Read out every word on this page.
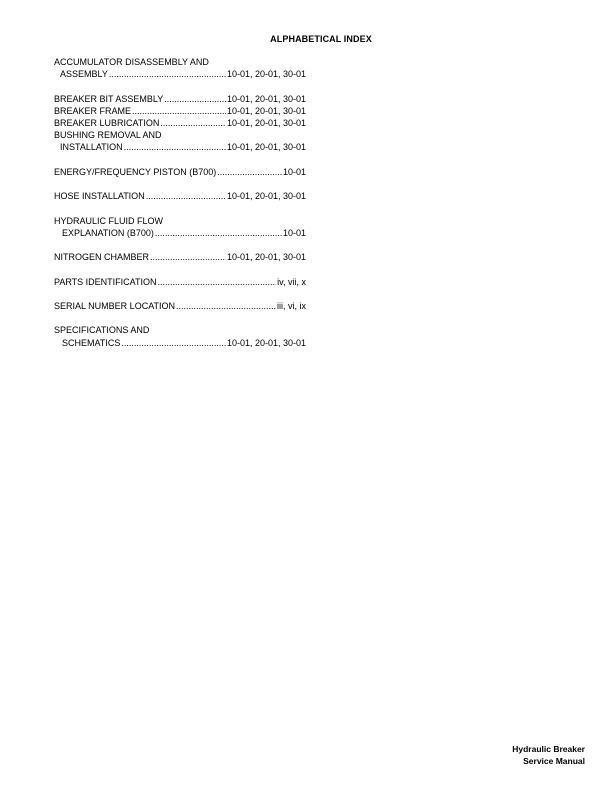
ALPHABETICAL INDEX
ACCUMULATOR DISASSEMBLY AND
ASSEMBLY .....	10-01, 20-01, 30-01
BREAKER BIT ASSEMBLY .....	10-01, 20-01, 30-01
BREAKER FRAME .....	10-01, 20-01, 30-01
BREAKER LUBRICATION .....	10-01, 20-01, 30-01
BUSHING REMOVAL AND
INSTALLATION .....	10-01, 20-01, 30-01
ENERGY/FREQUENCY PISTON (B700) .....	10-01
HOSE INSTALLATION .....	10-01, 20-01, 30-01
HYDRAULIC FLUID FLOW
EXPLANATION (B700) .....	10-01
NITROGEN CHAMBER .....	10-01, 20-01, 30-01
PARTS IDENTIFICATION .....	iv, vii, x
SERIAL NUMBER LOCATION .....	iii, vi, ix
SPECIFICATIONS AND
SCHEMATICS .....	10-01, 20-01, 30-01
Hydraulic Breaker
Service Manual
